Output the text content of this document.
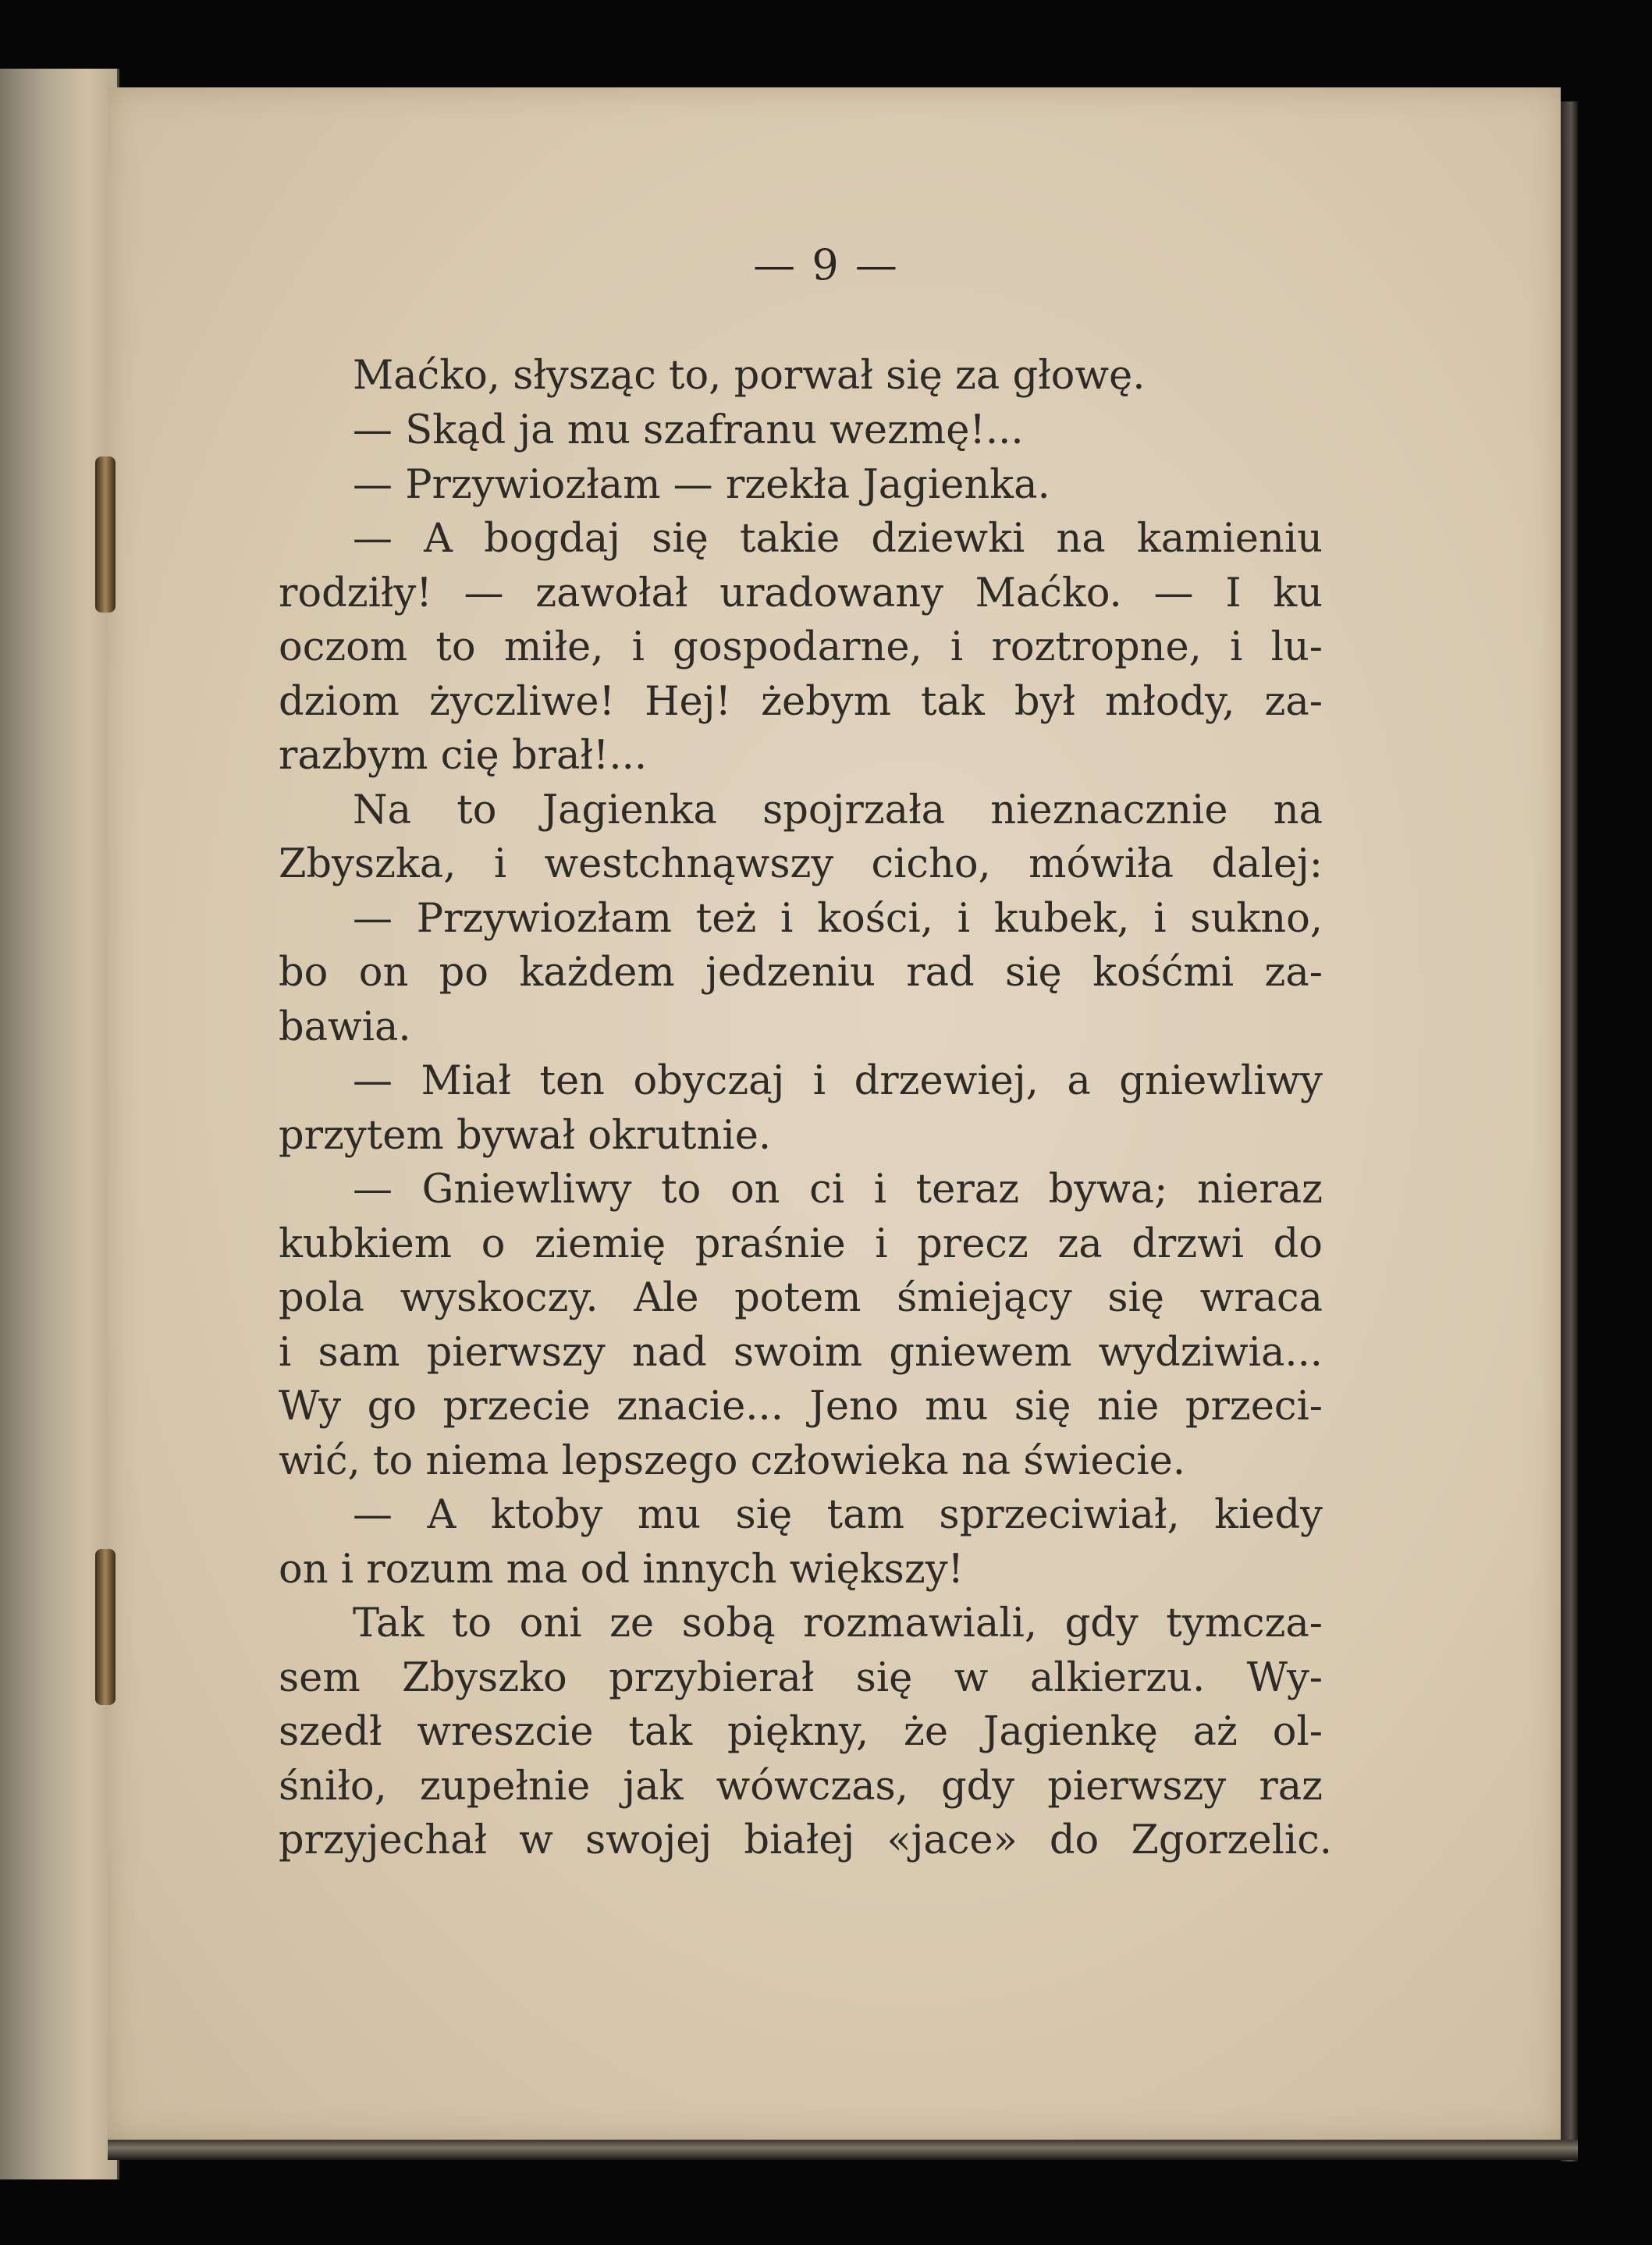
— 9 —
Maćko, słysząc to, porwał się za głowę.
— Skąd ja mu szafranu wezmę!...
— Przywiozłam — rzekła Jagienka.
— A bogdaj się takie dziewki na kamieniu
rodziły! — zawołał uradowany Maćko. — I ku
oczom to miłe, i gospodarne, i roztropne, i lu-
dziom życzliwe! Hej! żebym tak był młody, za-
razbym cię brał!...
Na to Jagienka spojrzała nieznacznie na
Zbyszka, i westchnąwszy cicho, mówiła dalej:
— Przywiozłam też i kości, i kubek, i sukno,
bo on po każdem jedzeniu rad się kośćmi za-
bawia.
— Miał ten obyczaj i drzewiej, a gniewliwy
przytem bywał okrutnie.
— Gniewliwy to on ci i teraz bywa; nieraz
kubkiem o ziemię praśnie i precz za drzwi do
pola wyskoczy. Ale potem śmiejący się wraca
i sam pierwszy nad swoim gniewem wydziwia...
Wy go przecie znacie... Jeno mu się nie przeci-
wić, to niema lepszego człowieka na świecie.
— A ktoby mu się tam sprzeciwiał, kiedy
on i rozum ma od innych większy!
Tak to oni ze sobą rozmawiali, gdy tymcza-
sem Zbyszko przybierał się w alkierzu. Wy-
szedł wreszcie tak piękny, że Jagienkę aż ol-
śniło, zupełnie jak wówczas, gdy pierwszy raz
przyjechał w swojej białej «jace» do Zgorzelic.
